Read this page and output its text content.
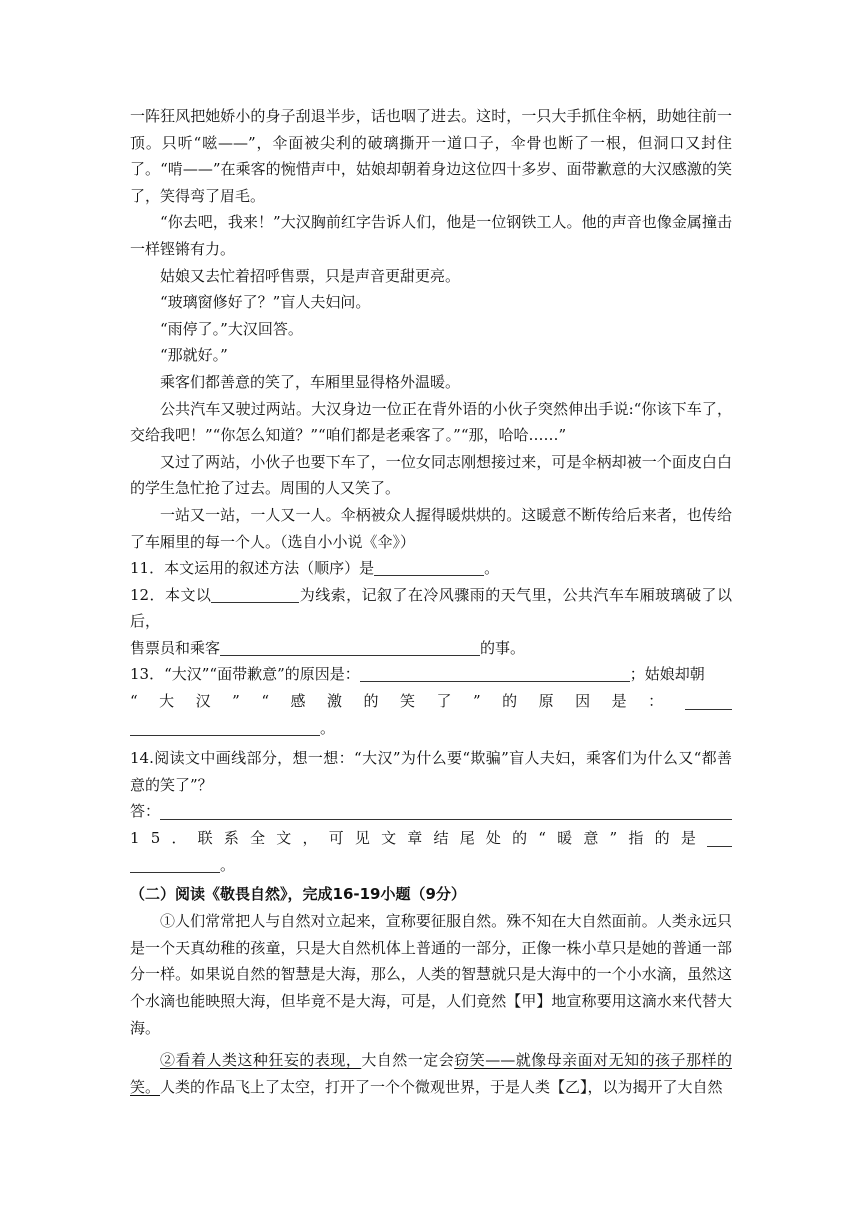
一阵狂风把她娇小的身子刮退半步，话也咽了进去。这时，一只大手抓住伞柄，助她往前一

顶。只听“嗞——”，伞面被尖利的破璃撕开一道口子，伞骨也断了一根，但洞口又封住了。“啃——”在乘客的惋惜声中，姑娘却朝着身边这位四十多岁、面带歉意的大汉感激的笑了，笑得弯了眉毛。

“你去吧，我来！”大汉胸前红字告诉人们，他是一位钢铁工人。他的声音也像金属撞击一样铿锵有力。

姑娘又去忙着招呼售票，只是声音更甜更亮。

“玻璃窗修好了？”盲人夫妇问。

“雨停了。”大汉回答。

“那就好。”

乘客们都善意的笑了，车厢里显得格外温暖。

公共汽车又驶过两站。大汉身边一位正在背外语的小伙子突然伸出手说:“你该下车了，交给我吧！”“你怎么知道？”“咱们都是老乘客了。”“那，哈哈……”

又过了两站，小伙子也要下车了，一位女同志刚想接过来，可是伞柄却被一个面皮白白的学生急忙抢了过去。周围的人又笑了。

一站又一站，一人又一人。伞柄被众人握得暖烘烘的。这暖意不断传给后来者，也传给了车厢里的每一个人。（选自小小说《伞》）

11．本文运用的叙述方法（顺序）是	。

12．本文以	为线索，记叙了在冷风骤雨的天气里，公共汽车车厢玻璃破了以后，

售票员和乘客	的事。

13．“大汉”“面带歉意”的原因是：	；姑娘却朝

“大汉”“感激的笑了”的原因是：

。

14.阅读文中画线部分，想一想：“大汉”为什么要“欺骗”盲人夫妇，乘客们为什么又“都善意的笑了”？

答：
15．联系全文，可见文章结尾处的“暖意”指的是

。

（二）阅读《敬畏自然》，完成16-19小题（9分）

①人们常常把人与自然对立起来，宣称要征服自然。殊不知在大自然面前。人类永远只是一个天真幼稚的孩童，只是大自然机体上普通的一部分，正像一株小草只是她的普通一部分一样。如果说自然的智慧是大海，那么，人类的智慧就只是大海中的一个小水滴，虽然这个水滴也能映照大海，但毕竟不是大海，可是，人们竟然【甲】地宣称要用这滴水来代替大海。

②看着人类这种狂妄的表现，大自然一定会窃笑——就像母亲面对无知的孩子那样的笑。人类的作品飞上了太空，打开了一个个微观世界，于是人类【乙】，以为揭开了大自然
